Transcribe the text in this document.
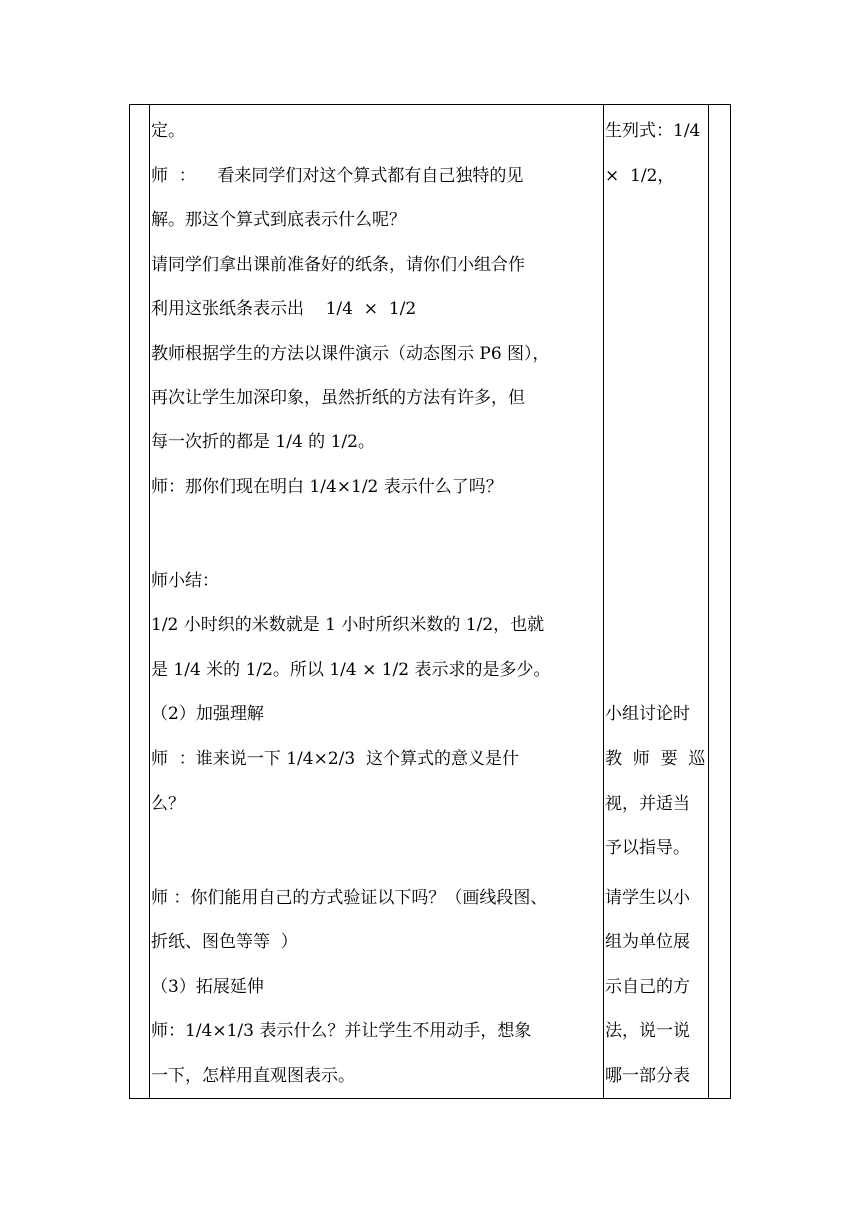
定。
师  ：    看来同学们对这个算式都有自己独特的见
解。那这个算式到底表示什么呢？
请同学们拿出课前准备好的纸条，请你们小组合作
利用这张纸条表示出    1/4  ×  1/2
教师根据学生的方法以课件演示（动态图示 P6 图），
再次让学生加深印象，虽然折纸的方法有许多，但
每一次折的都是 1/4 的 1/2。
师：那你们现在明白 1/4×1/2 表示什么了吗？
师小结：
1/2 小时织的米数就是 1 小时所织米数的 1/2，也就
是 1/4 米的 1/2。所以 1/4 × 1/2 表示求的是多少。
（2）加强理解
师  ：谁来说一下 1/4×2/3  这个算式的意义是什
么？
师 ：你们能用自己的方式验证以下吗？（画线段图、
折纸、图色等等  ）
（3）拓展延伸
师：1/4×1/3 表示什么？并让学生不用动手，想象
一下，怎样用直观图表示。
生列式：1/4
×  1/2，
小组讨论时
教  师  要  巡
视，并适当
予以指导。
请学生以小
组为单位展
示自己的方
法，说一说
哪一部分表
